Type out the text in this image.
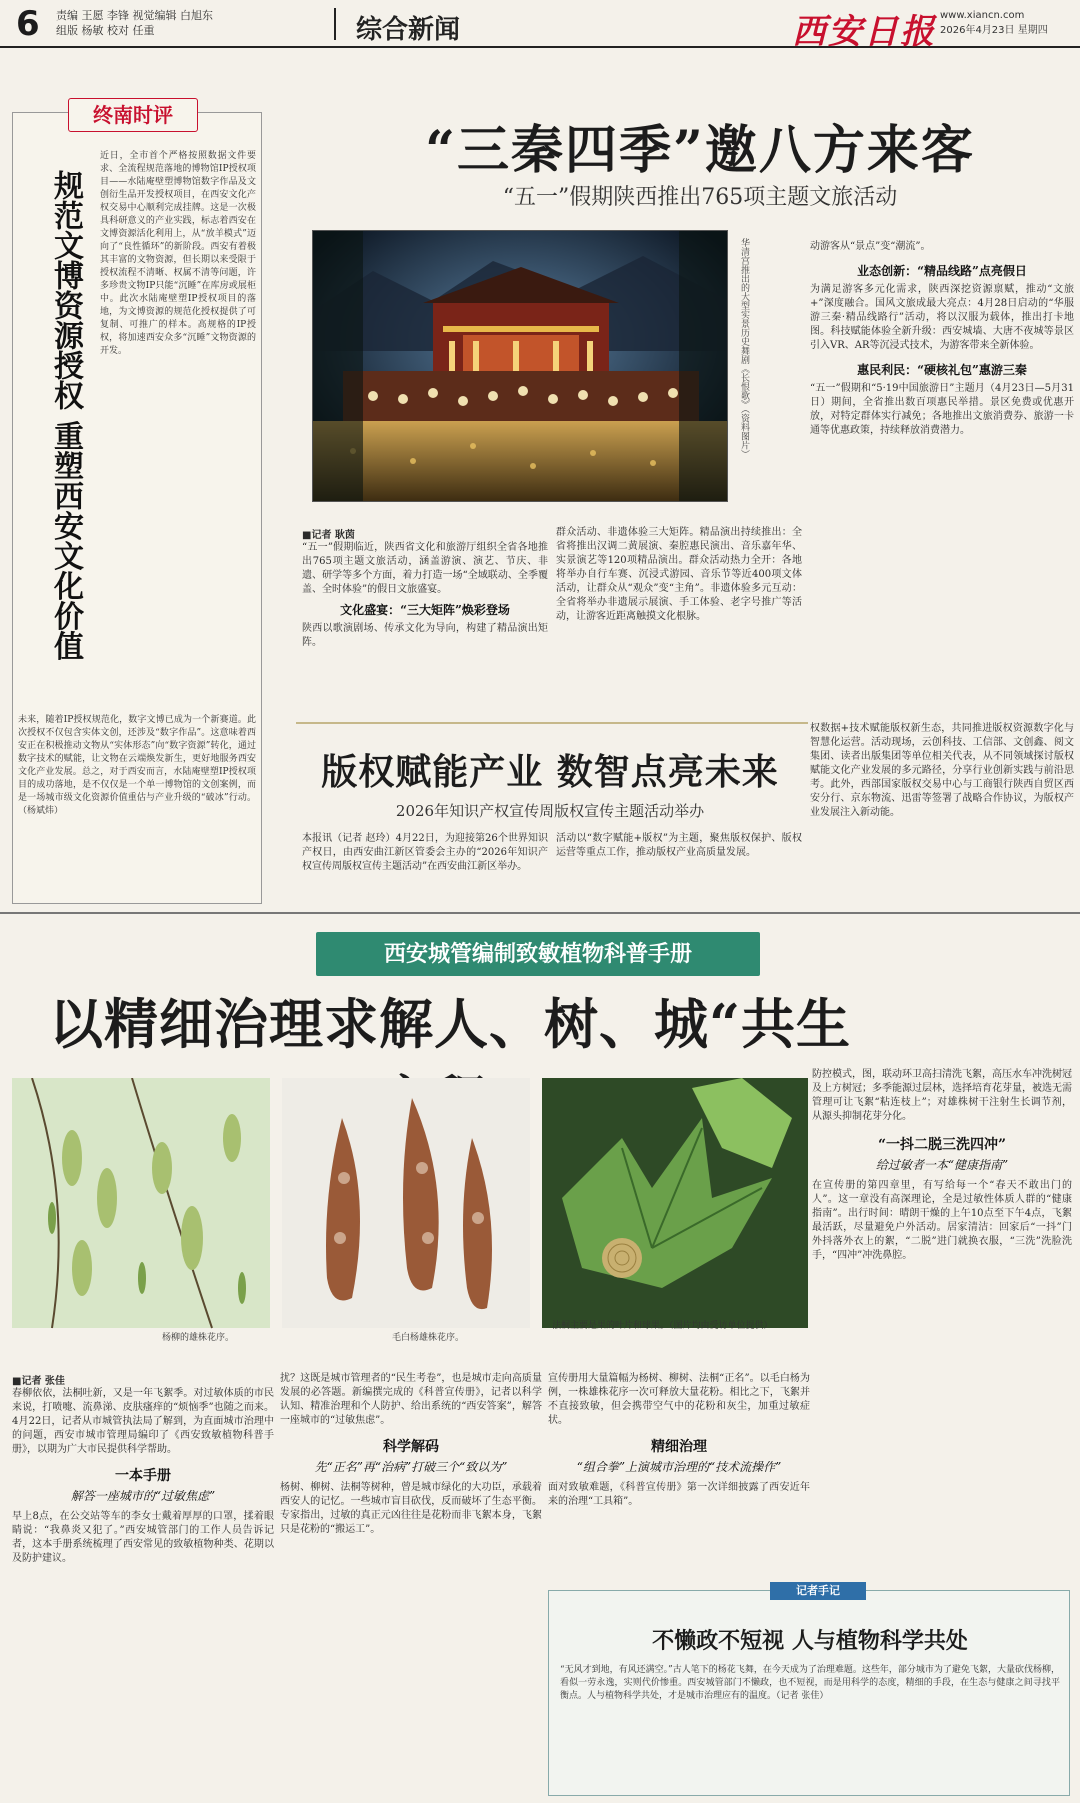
6 责编 王愿 李锋 视觉编辑 白旭东
组版 杨敏 校对 任重	综合新闻	西安日报 www.xiancn.com
2026年4月23日 星期四
终南时评
规范文博资源授权 重塑西安文化价值
近日，全市首个严格按照数据文件要求、全流程规范落地的博物馆IP授权项目——水陆庵壁塑博物馆数字作品及文创衍生品开发授权项目，在西安文化产权交易中心顺利完成挂牌。这是一次极具科研意义的产业实践，标志着西安在文博资源活化利用上，从“放羊模式”迈向了“良性循环”的新阶段。西安有着极其丰富的文物资源，但长期以来受限于授权流程不清晰、权属不清等问题，许多珍贵文物IP只能“沉睡”在库房或展柜中。此次水陆庵壁塑IP授权项目的落地，为文博资源的规范化授权提供了可复制、可推广的样本。高规格的IP授权，将加速西安众多“沉睡”文物资源的开发。
未来，随着IP授权规范化，数字文博已成为一个新赛道。此次授权不仅包含实体文创，还涉及“数字作品”。这意味着西安正在积极推动文物从“实体形态”向“数字资源”转化，通过数字技术的赋能，让文物在云端焕发新生，更好地服务西安文化产业发展。总之，对于西安而言，水陆庵壁塑IP授权项目的成功落地，是不仅仅是一个单一博物馆的文创案例，而是一场城市级文化资源价值重估与产业升级的“破冰”行动。（杨斌炜）
“三秦四季”邀八方来客
“五一”假期陕西推出765项主题文旅活动
华清宫推出的大型实景历史舞剧《长恨歌》（资料图片）
■记者 耿茵
“五一”假期临近，陕西省文化和旅游厅组织全省各地推出765项主题文旅活动，涵盖游演、演艺、节庆、非遗、研学等多个方面，着力打造一场“全域联动、全季覆盖、全时体验”的假日文旅盛宴。
文化盛宴：“三大矩阵”焕彩登场
陕西以歌演剧场、传承文化为导向，构建了精品演出矩阵。
群众活动、非遗体验三大矩阵。精品演出持续推出：全省将推出汉调二黄展演、秦腔惠民演出、音乐嘉年华、实景演艺等120项精品演出。群众活动热力全开：各地将举办自行车赛、沉浸式游园、音乐节等近400项文体活动，让群众从“观众”变“主角”。非遗体验多元互动：全省将举办非遗展示展演、手工体验、老字号推广等活动，让游客近距离触摸文化根脉。
动游客从“景点”变“潮流”。
业态创新：“精品线路”点亮假日
为满足游客多元化需求，陕西深挖资源禀赋，推动“文旅+”深度融合。国风文旅成最大亮点：4月28日启动的“华服游三秦·精品线路行”活动，将以汉服为载体，推出打卡地图。科技赋能体验全新升级：西安城墙、大唐不夜城等景区引入VR、AR等沉浸式技术，为游客带来全新体验。
惠民利民：“硬核礼包”惠游三秦
“五一”假期和“5·19中国旅游日”主题月（4月23日—5月31日）期间，全省推出数百项惠民举措。景区免费或优惠开放，对特定群体实行减免；各地推出文旅消费券、旅游一卡通等优惠政策，持续释放消费潜力。
版权赋能产业 数智点亮未来
2026年知识产权宣传周版权宣传主题活动举办
本报讯（记者 赵玲）4月22日，为迎接第26个世界知识产权日，由西安曲江新区管委会主办的“2026年知识产权宣传周版权宣传主题活动”在西安曲江新区举办。
活动以“数字赋能+版权”为主题，聚焦版权保护、版权运营等重点工作，推动版权产业高质量发展。
权数据+技术赋能版权新生态，共同推进版权资源数字化与智慧化运营。活动现场，云创科技、工信部、文创鑫、阅文集团、读者出版集团等单位相关代表，从不同领域探讨版权赋能文化产业发展的多元路径，分享行业创新实践与前沿思考。此外，西部国家版权交易中心与工商银行陕西自贸区西安分行、京东物流、迅雷等签署了战略合作协议，为版权产业发展注入新动能。
西安城管编制致敏植物科普手册
以精细治理求解人、树、城“共生
杨柳的雄株花序。	毛白杨雄株花序。
法桐主要是果的叶片和球果。（图片均由受访单位提供）
防控模式，图，联动环卫高扫清洗飞絮，高压水车冲洗树冠及上方树冠；多季能源过层林，选择培育花芽量，被选无需管理可让飞絮“粘连枝上”；对雄株树干注射生长调节剂，从源头抑制花芽分化。
“一抖二脱三洗四冲”
给过敏者一本“健康指南”
在宣传册的第四章里，有写给每一个“春天不敢出门的人”。这一章没有高深理论，全是过敏性体质人群的“健康指南”。出行时间：晴朗干燥的上午10点至下午4点，飞絮最活跃，尽量避免户外活动。居家清洁：回家后“一抖”门外抖落外衣上的絮，“二脱”进门就换衣服，“三洗”洗脸洗手，“四冲”冲洗鼻腔。
■记者 张佳
春柳依依，法桐吐新，又是一年飞絮季。对过敏体质的市民来说，打喷嚏、流鼻涕、皮肤瘙痒的“烦恼季”也随之而来。4月22日，记者从市城管执法局了解到，为直面城市治理中的问题，西安市城市管理局编印了《西安致敏植物科普手册》，以期为广大市民提供科学帮助。
一本手册
解答一座城市的“过敏焦虑”
早上8点，在公交站等车的李女士戴着厚厚的口罩，揉着眼睛说：“我鼻炎又犯了。”西安城管部门的工作人员告诉记者，这本手册系统梳理了西安常见的致敏植物种类、花期以及防护建议。
扰？这既是城市管理者的“民生考卷”，也是城市走向高质量发展的必答题。新编撰完成的《科普宣传册》，记者以科学认知、精准治理和个人防护、给出系统的“西安答案”，解答一座城市的“过敏焦虑”。
科学解码
先“正名”再“治病”打破三个“致以为”
杨树、柳树、法桐等树种，曾是城市绿化的大功臣，承载着西安人的记忆。一些城市盲目砍伐，反而破坏了生态平衡。专家指出，过敏的真正元凶往往是花粉而非飞絮本身，飞絮只是花粉的“搬运工”。
宣传册用大量篇幅为杨树、柳树、法桐“正名”。以毛白杨为例，一株雄株花序一次可释放大量花粉。相比之下，飞絮并不直接致敏，但会携带空气中的花粉和灰尘，加重过敏症状。
精细治理
“组合拳”上演城市治理的“技术流操作”
面对致敏难题，《科普宣传册》第一次详细披露了西安近年来的治理“工具箱”。
记者手记
不懒政不短视 人与植物科学共处
“无风才到地，有风还满空。”古人笔下的杨花飞舞，在今天成为了治理难题。这些年，部分城市为了避免飞絮，大量砍伐杨柳，看似一劳永逸，实则代价惨重。西安城管部门不懒政，也不短视，而是用科学的态度，精细的手段，在生态与健康之间寻找平衡点。人与植物科学共处，才是城市治理应有的温度。（记者 张佳）
